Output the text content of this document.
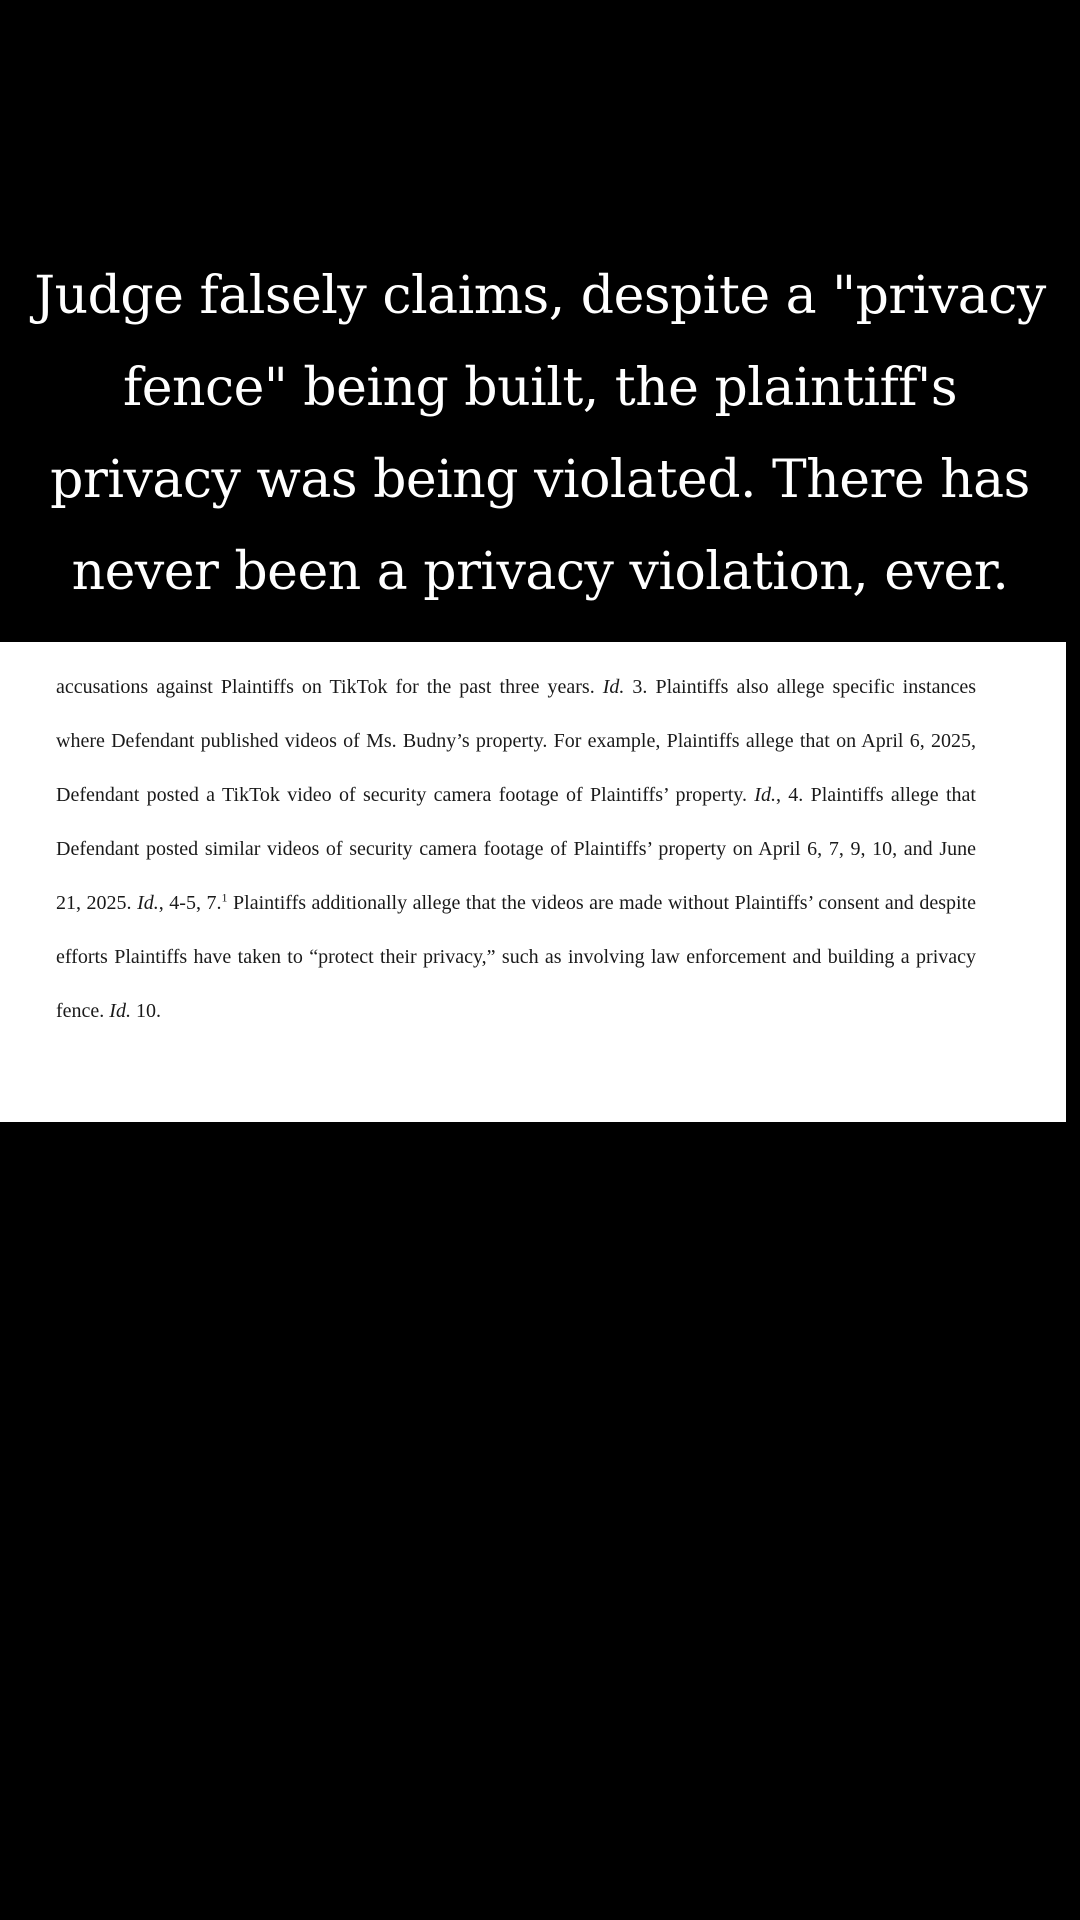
Judge falsely claims, despite a "privacy fence" being built, the plaintiff's privacy was being violated. There has never been a privacy violation, ever.
accusations against Plaintiffs on TikTok for the past three years. Id. 3. Plaintiffs also allege specific instances where Defendant published videos of Ms. Budny’s property. For example, Plaintiffs allege that on April 6, 2025, Defendant posted a TikTok video of security camera footage of Plaintiffs’ property. Id., 4. Plaintiffs allege that Defendant posted similar videos of security camera footage of Plaintiffs’ property on April 6, 7, 9, 10, and June 21, 2025. Id., 4-5, 7.$^1$ Plaintiffs additionally allege that the videos are made without Plaintiffs’ consent and despite efforts Plaintiffs have taken to “protect their privacy,” such as involving law enforcement and building a privacy fence. Id. 10.
